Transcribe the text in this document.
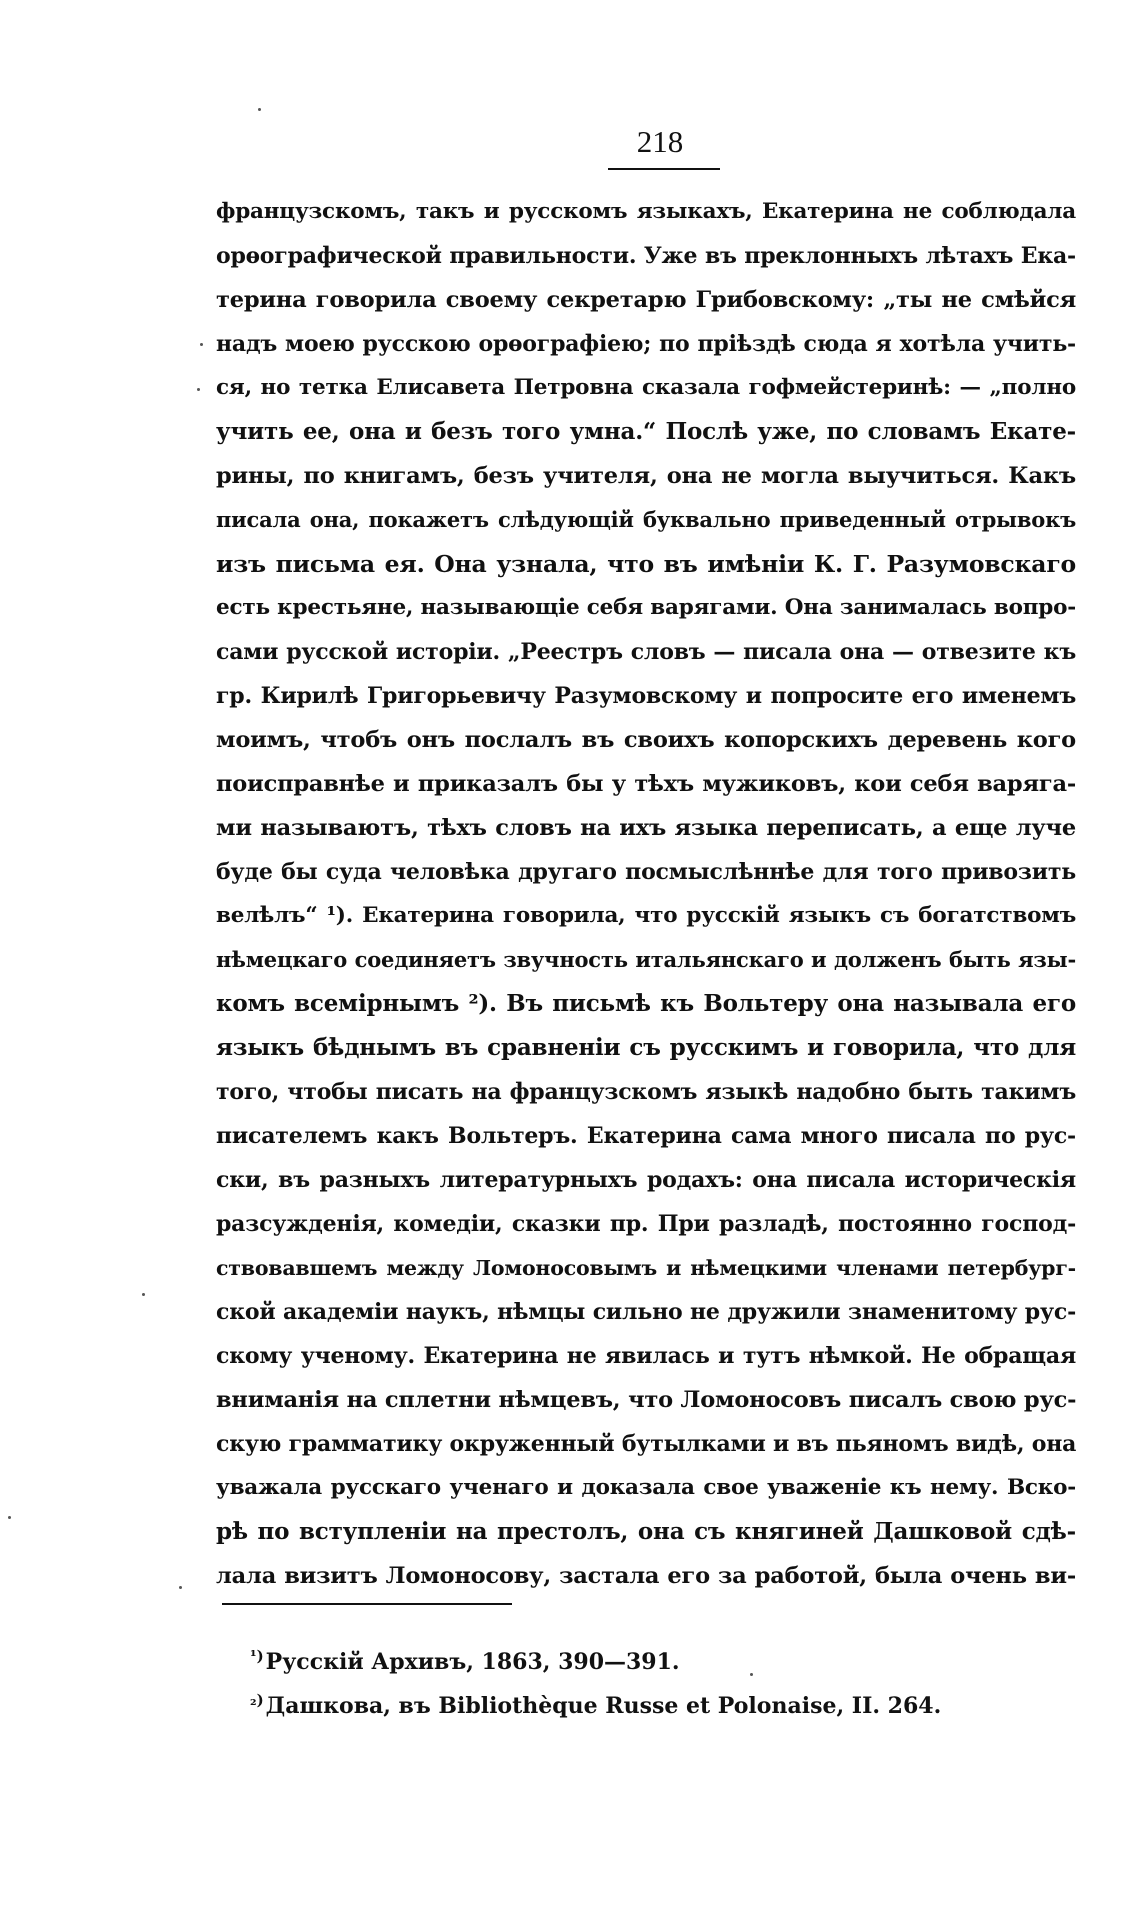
218
французскомъ, такъ и русскомъ языкахъ, Екатерина не соблюдала
орѳографической правильности. Уже въ преклонныхъ лѣтахъ Ека-
терина говорила своему секретарю Грибовскому: „ты не смѣйся
надъ моею русскою орѳографіею; по пріѣздѣ сюда я хотѣла учить-
ся, но тетка Елисавета Петровна сказала гофмейстеринѣ: — „полно
учить ее, она и безъ того умна.“ Послѣ уже, по словамъ Екате-
рины, по книгамъ, безъ учителя, она не могла выучиться. Какъ
писала она, покажетъ слѣдующій буквально приведенный отрывокъ
изъ письма ея. Она узнала, что въ имѣніи К. Г. Разумовскаго
есть крестьяне, называющіе себя варягами. Она занималась вопро-
сами русской исторіи. „Реестръ словъ — писала она — отвезите къ
гр. Кирилѣ Григорьевичу Разумовскому и попросите его именемъ
моимъ, чтобъ онъ послалъ въ своихъ копорскихъ деревень кого
поисправнѣе и приказалъ бы у тѣхъ мужиковъ, кои себя варяга-
ми называютъ, тѣхъ словъ на ихъ языка переписать, а еще луче
буде бы суда человѣка другаго посмыслѣннѣе для того привозить
велѣлъ“ ¹). Екатерина говорила, что русскій языкъ съ богатствомъ
нѣмецкаго соединяетъ звучность итальянскаго и долженъ быть язы-
комъ всемірнымъ ²). Въ письмѣ къ Вольтеру она называла его
языкъ бѣднымъ въ сравненіи съ русскимъ и говорила, что для
того, чтобы писать на французскомъ языкѣ надобно быть такимъ
писателемъ какъ Вольтеръ. Екатерина сама много писала по рус-
ски, въ разныхъ литературныхъ родахъ: она писала историческія
разсужденія, комедіи, сказки пр. При разладѣ, постоянно господ-
ствовавшемъ между Ломоносовымъ и нѣмецкими членами петербург-
ской академіи наукъ, нѣмцы сильно не дружили знаменитому рус-
скому ученому. Екатерина не явилась и тутъ нѣмкой. Не обращая
вниманія на сплетни нѣмцевъ, что Ломоносовъ писалъ свою рус-
скую грамматику окруженный бутылками и въ пьяномъ видѣ, она
уважала русскаго ученаго и доказала свое уваженіе къ нему. Вско-
рѣ по вступленіи на престолъ, она съ княгиней Дашковой сдѣ-
лала визитъ Ломоносову, застала его за работой, была очень ви-
$^{^1)}$Русскій Архивъ, 1863, 390—391.
$^{_2)}$Дашкова, въ Bibliothèque Russe et Polonaise, II. 264.
